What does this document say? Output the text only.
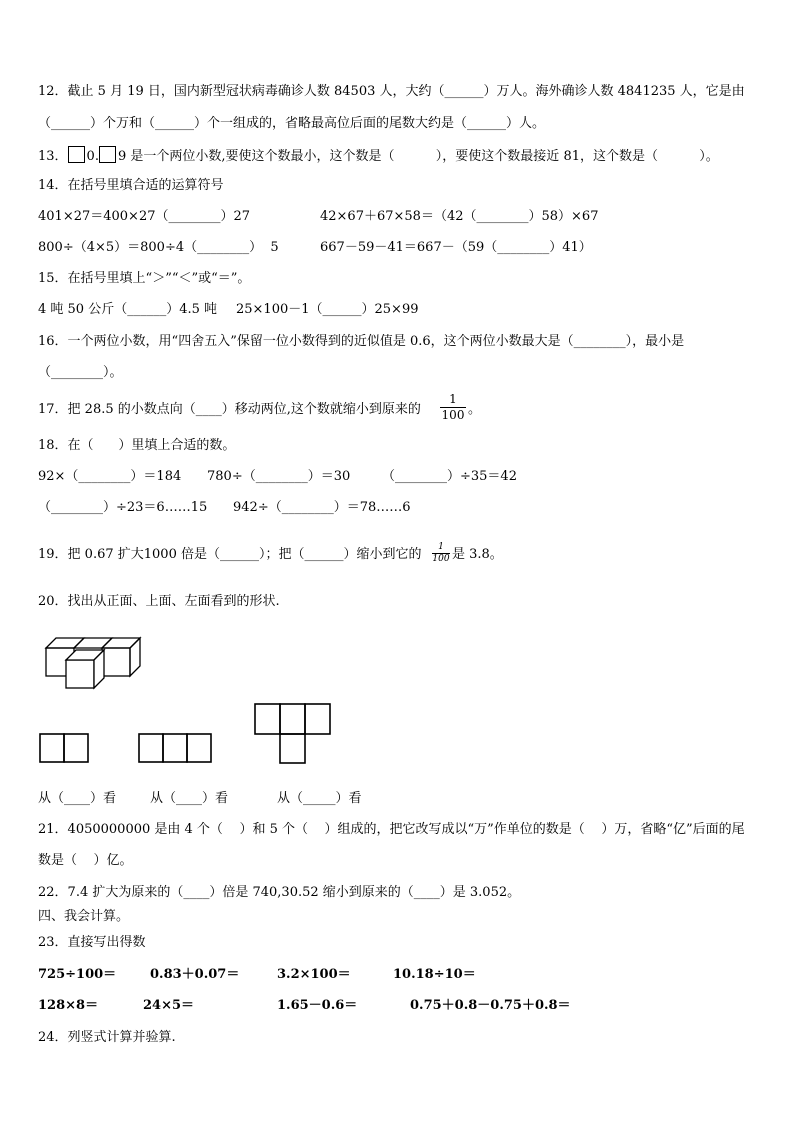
12．截止 5 月 19 日，国内新型冠状病毒确诊人数 84503 人，大约（______）万人。海外确诊人数 4841235 人，它是由
（______）个万和（______）个一组成的，省略最高位后面的尾数大约是（______）人。
13． 0. 9 是一个两位小数,要使这个数最小，这个数是（          ），要使这个数最接近 81，这个数是（          ）。
14．在括号里填合适的运算符号
401×27＝400×27（________）27	42×67＋67×58＝（42（________）58）×67
800÷（4×5）＝800÷4（________）  5	667－59－41＝667－（59（________）41）
15．在括号里填上“＞”“＜”或“＝”。
4 吨 50 公斤（______）4.5 吨 25×100－1（______）25×99
16．一个两位小数，用“四舍五入”保留一位小数得到的近似值是 0.6，这个两位小数最大是（________），最小是
（________）。
17．把 28.5 的小数点向（____）移动两位,这个数就缩小到原来的
1
100 。
18．在（      ）里填上合适的数。
92×（________）＝184 780÷（________）＝30 （________）÷35＝42
（________）÷23＝6……15 942÷（________）＝78……6
19．把 0.67 扩大1000 倍是（______）；把（______）缩小到它的	1
100 是 3.8。
20．找出从正面、上面、左面看到的形状.
从（____）看	从（____）看	从（_____）看
21．4050000000 是由 4 个（    ）和 5 个（    ）组成的，把它改写成以“万”作单位的数是（    ）万，省略“亿”后面的尾
数是（    ）亿。
22．7.4 扩大为原来的（____）倍是 740,30.52 缩小到原来的（____）是 3.052。
四、我会计算。
23．直接写出得数
725÷100＝	0.83＋0.07＝	3.2×100＝	10.18÷10＝
128×8＝	24×5＝	1.65－0.6＝	0.75＋0.8－0.75＋0.8＝
24．列竖式计算并验算.
